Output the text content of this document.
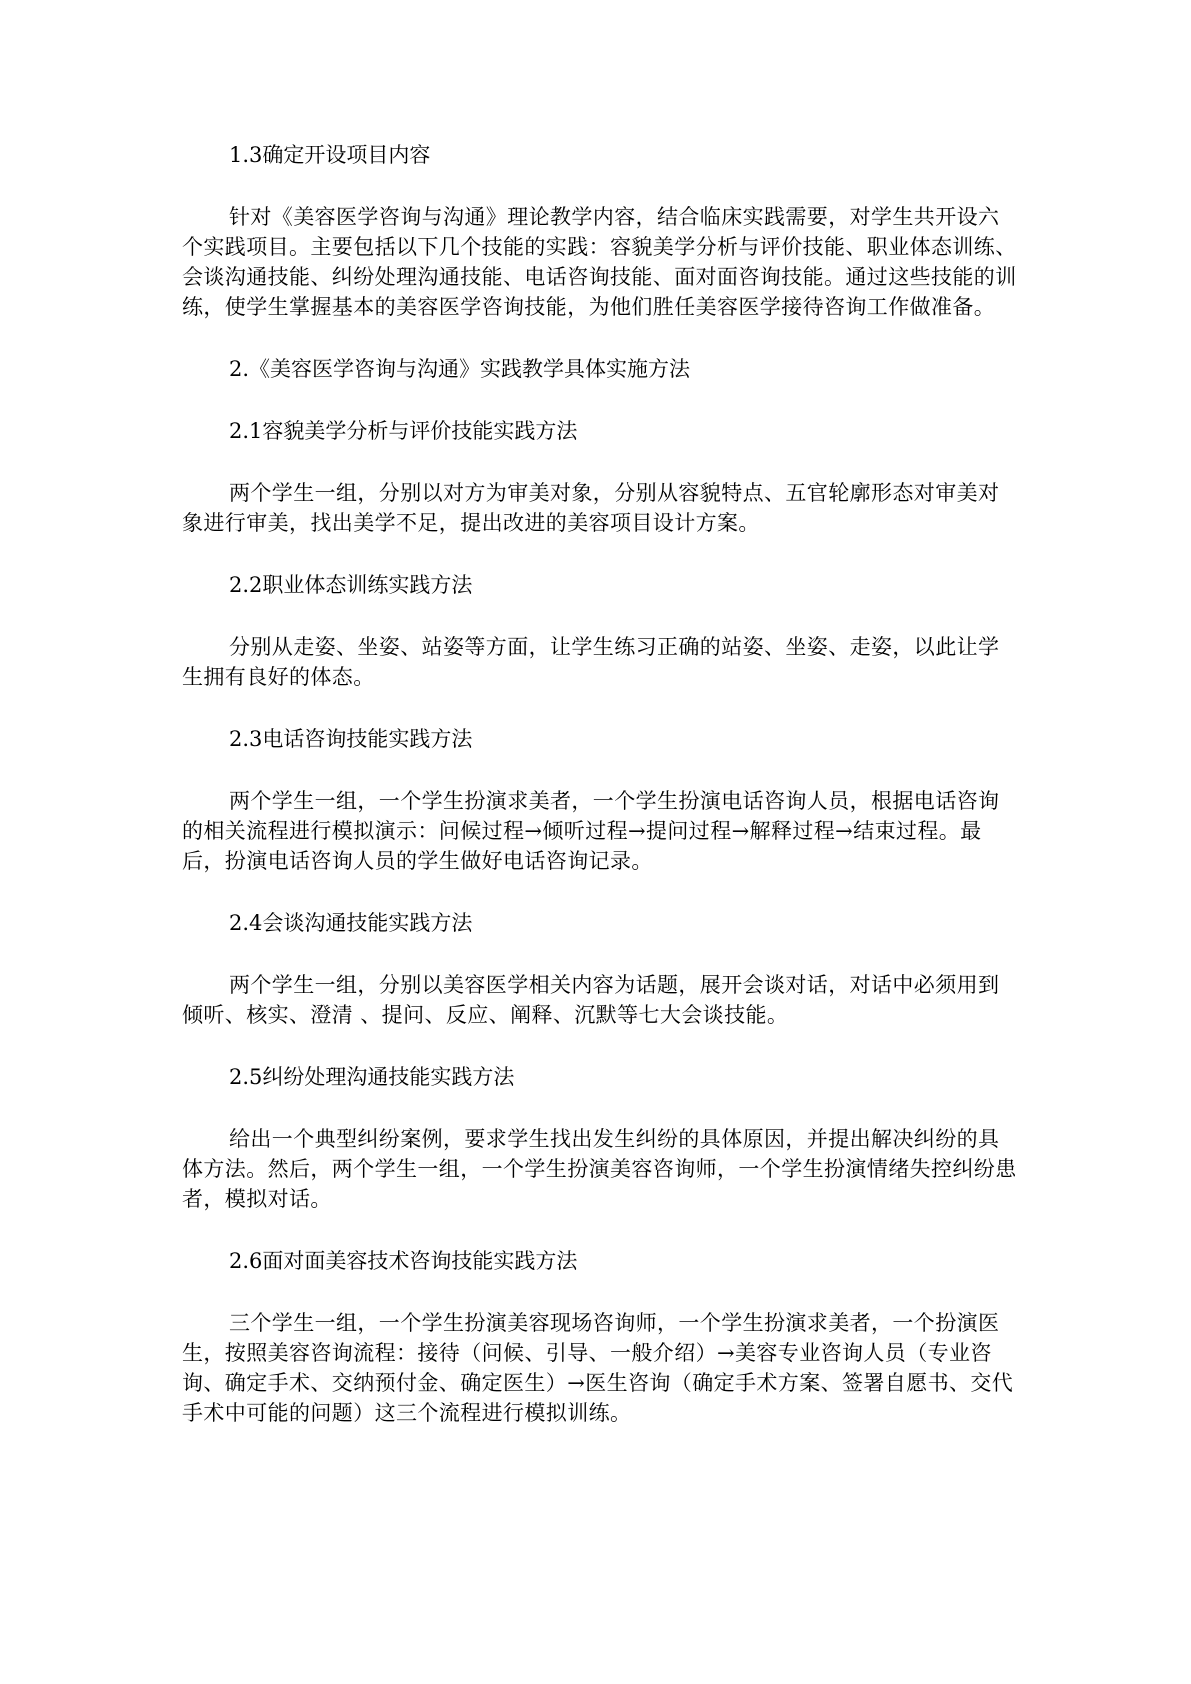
1.3确定开设项目内容

针对《美容医学咨询与沟通》理论教学内容，结合临床实践需要，对学生共开设六个实践项目。主要包括以下几个技能的实践：容貌美学分析与评价技能、职业体态训练、会谈沟通技能、纠纷处理沟通技能、电话咨询技能、面对面咨询技能。通过这些技能的训练，使学生掌握基本的美容医学咨询技能，为他们胜任美容医学接待咨询工作做准备。

2.《美容医学咨询与沟通》实践教学具体实施方法

2.1容貌美学分析与评价技能实践方法

两个学生一组，分别以对方为审美对象，分别从容貌特点、五官轮廓形态对审美对象进行审美，找出美学不足，提出改进的美容项目设计方案。

2.2职业体态训练实践方法

分别从走姿、坐姿、站姿等方面，让学生练习正确的站姿、坐姿、走姿，以此让学生拥有良好的体态。

2.3电话咨询技能实践方法

两个学生一组，一个学生扮演求美者，一个学生扮演电话咨询人员，根据电话咨询的相关流程进行模拟演示：问候过程→倾听过程→提问过程→解释过程→结束过程。最后，扮演电话咨询人员的学生做好电话咨询记录。

2.4会谈沟通技能实践方法

两个学生一组，分别以美容医学相关内容为话题，展开会谈对话，对话中必须用到倾听、核实、澄清 、提问、反应、阐释、沉默等七大会谈技能。

2.5纠纷处理沟通技能实践方法

给出一个典型纠纷案例，要求学生找出发生纠纷的具体原因，并提出解决纠纷的具体方法。然后，两个学生一组，一个学生扮演美容咨询师，一个学生扮演情绪失控纠纷患者，模拟对话。

2.6面对面美容技术咨询技能实践方法

三个学生一组，一个学生扮演美容现场咨询师，一个学生扮演求美者，一个扮演医生，按照美容咨询流程：接待（问候、引导、一般介绍）→美容专业咨询人员（专业咨询、确定手术、交纳预付金、确定医生）→医生咨询（确定手术方案、签署自愿书、交代手术中可能的问题）这三个流程进行模拟训练。
